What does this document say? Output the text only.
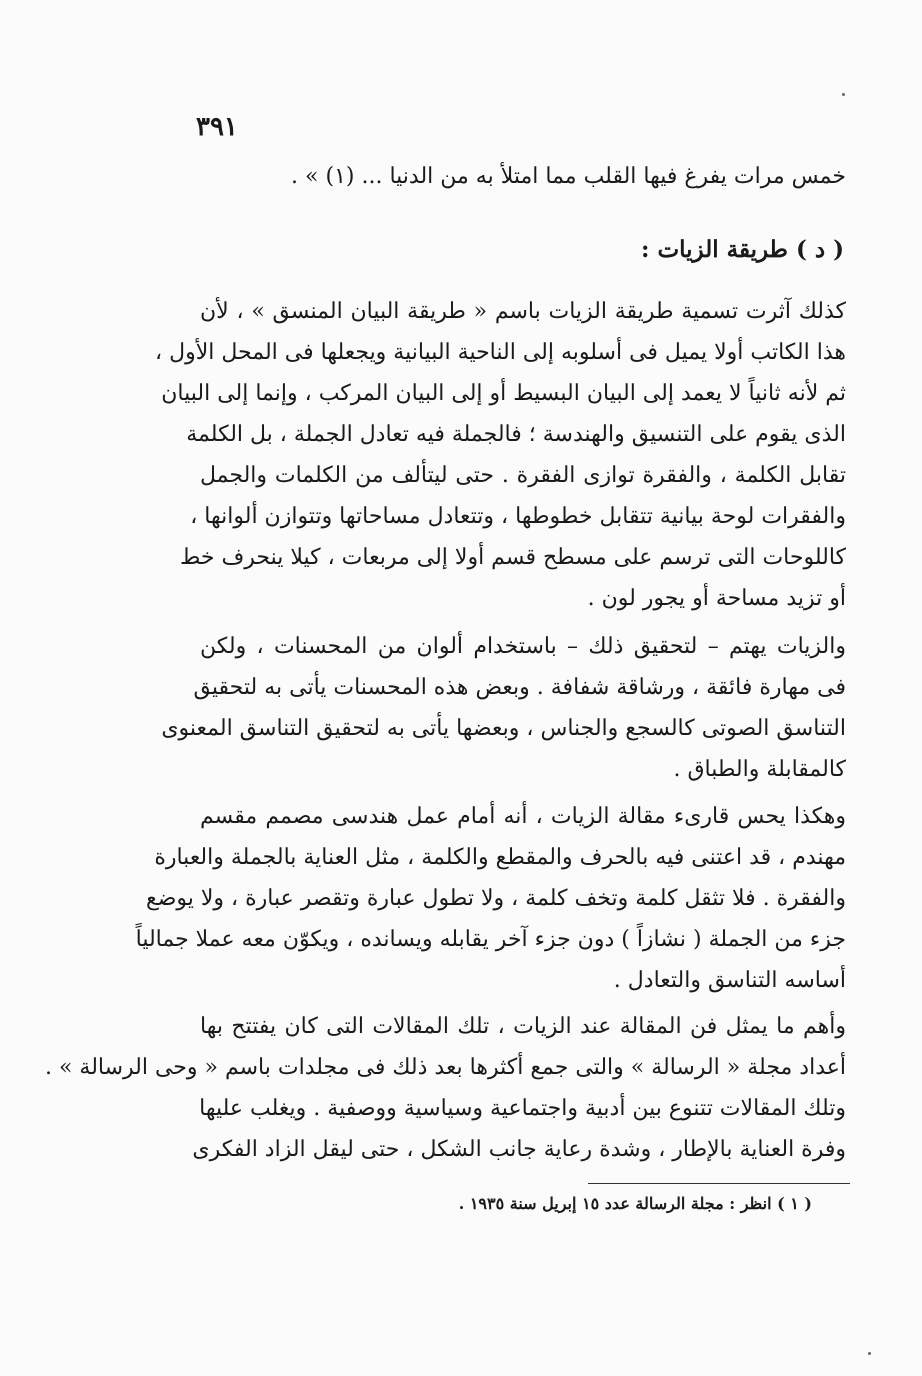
٣٩١
خمس مرات يفرغ فيها القلب مما امتلأ به من الدنيا ... (١) » .
( د ) طريقة الزيات :
كذلك آثرت تسمية طريقة الزيات باسم « طريقة البيان المنسق » ، لأن
هذا الكاتب أولا يميل فى أسلوبه إلى الناحية البيانية ويجعلها فى المحل الأول ،
ثم لأنه ثانياً لا يعمد إلى البيان البسيط أو إلى البيان المركب ، وإنما إلى البيان
الذى يقوم على التنسيق والهندسة ؛ فالجملة فيه تعادل الجملة ، بل الكلمة
تقابل الكلمة ، والفقرة توازى الفقرة . حتى ليتألف من الكلمات والجمل
والفقرات لوحة بيانية تتقابل خطوطها ، وتتعادل مساحاتها وتتوازن ألوانها ،
كاللوحات التى ترسم على مسطح قسم أولا إلى مربعات ، كيلا ينحرف خط
أو تزيد مساحة أو يجور لون .
والزيات يهتم – لتحقيق ذلك – باستخدام ألوان من المحسنات ، ولكن
فى مهارة فائقة ، ورشاقة شفافة . وبعض هذه المحسنات يأتى به لتحقيق
التناسق الصوتى كالسجع والجناس ، وبعضها يأتى به لتحقيق التناسق المعنوى
كالمقابلة والطباق .
وهكذا يحس قارىء مقالة الزيات ، أنه أمام عمل هندسى مصمم مقسم
مهندم ، قد اعتنى فيه بالحرف والمقطع والكلمة ، مثل العناية بالجملة والعبارة
والفقرة . فلا تثقل كلمة وتخف كلمة ، ولا تطول عبارة وتقصر عبارة ، ولا يوضع
جزء من الجملة ( نشازاً ) دون جزء آخر يقابله ويسانده ، ويكوّن معه عملا جمالياً
أساسه التناسق والتعادل .
وأهم ما يمثل فن المقالة عند الزيات ، تلك المقالات التى كان يفتتح بها
أعداد مجلة « الرسالة » والتى جمع أكثرها بعد ذلك فى مجلدات باسم « وحى الرسالة » .
وتلك المقالات تتنوع بين أدبية واجتماعية وسياسية ووصفية . ويغلب عليها
وفرة العناية بالإطار ، وشدة رعاية جانب الشكل ، حتى ليقل الزاد الفكرى
( ١ ) انظر : مجلة الرسالة عدد ١٥ إبريل سنة ١٩٣٥ .
